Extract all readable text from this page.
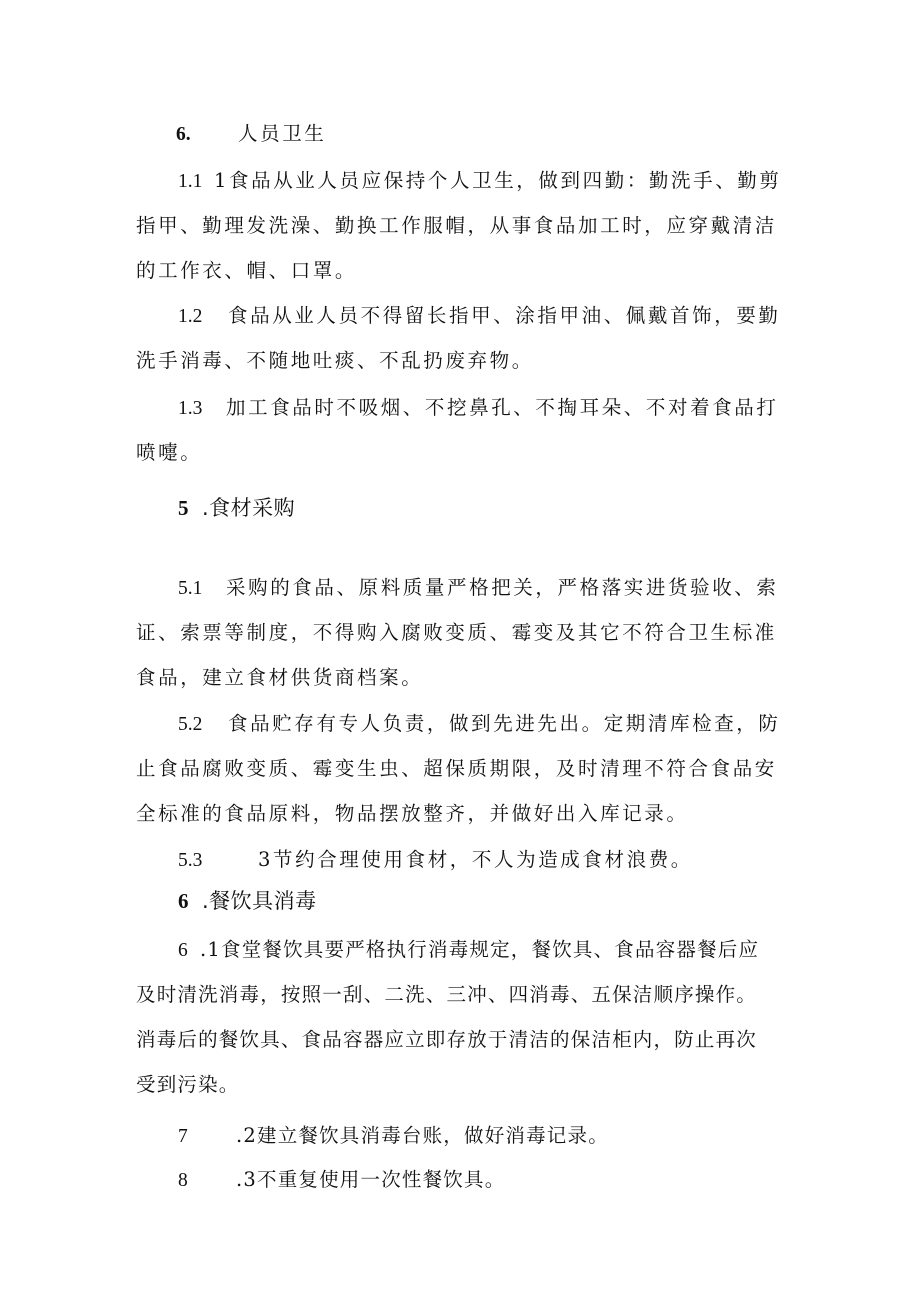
6. 人员卫生
1.1 1食品从业人员应保持个人卫生，做到四勤：勤洗手、勤剪
指甲、勤理发洗澡、勤换工作服帽，从事食品加工时，应穿戴清洁
的工作衣、帽、口罩。
1.2 食品从业人员不得留长指甲、涂指甲油、佩戴首饰，要勤
洗手消毒、不随地吐痰、不乱扔废弃物。
1.3 加工食品时不吸烟、不挖鼻孔、不掏耳朵、不对着食品打
喷嚏。
5 .食材采购
5.1 采购的食品、原料质量严格把关，严格落实进货验收、索
证、索票等制度，不得购入腐败变质、霉变及其它不符合卫生标准
食品，建立食材供货商档案。
5.2 食品贮存有专人负责，做到先进先出。定期清库检查，防
止食品腐败变质、霉变生虫、超保质期限，及时清理不符合食品安
全标准的食品原料，物品摆放整齐，并做好出入库记录。
5.3	3节约合理使用食材，不人为造成食材浪费。
6 .餐饮具消毒
6 .1食堂餐饮具要严格执行消毒规定，餐饮具、食品容器餐后应
及时清洗消毒，按照一刮、二洗、三冲、四消毒、五保洁顺序操作。
消毒后的餐饮具、食品容器应立即存放于清洁的保洁柜内，防止再次
受到污染。
7 .2建立餐饮具消毒台账，做好消毒记录。
8 .3不重复使用一次性餐饮具。
